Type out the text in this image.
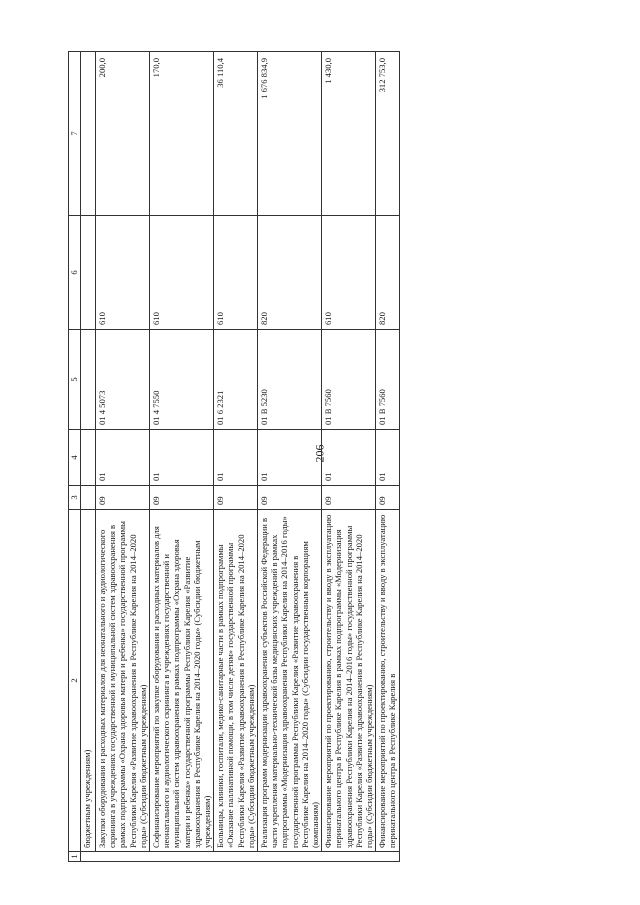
206
1	2	3	4	5	6	7
	бюджетным учреждениям)					
	Закупки оборудования и расходных материалов для неонатального и аудиологического скрининга в учреждениях государственной и муниципальной систем здравоохранения в рамках подпрограммы «Охрана здоровья матери и ребенка» государственной программы Республики Карелия «Развитие здравоохранения в Республике Карелия на 2014–2020 годы» (Субсидии бюджетным учреждениям)	09	01	01 4 5073	610	200,0
	Софинансирование мероприятий по закупке оборудования и расходных материалов для неонатального и аудиологического скрининга в учреждениях государственной и муниципальной систем здравоохранения в рамках подпрограммы «Охрана здоровья матери и ребенка» государственной программы Республики Карелия «Развитие здравоохранения в Республике Карелия на 2014–2020 годы» (Субсидии бюджетным учреждениям)	09	01	01 4 7550	610	170,0
	Больницы, клиники, госпитали, медико-санитарные части в рамках подпрограммы «Оказание паллиативной помощи, в том числе детям» государственной программы Республики Карелия «Развитие здравоохранения в Республике Карелия на 2014–2020 годы» (Субсидии бюджетным учреждениям)	09	01	01 6 2321	610	36 110,4
	Реализация программ модернизации здравоохранения субъектов Российской Федерации в части укрепления материально-технической базы медицинских учреждений в рамках подпрограммы «Модернизация здравоохранения Республики Карелия на 2014–2016 годы» государственной программы Республики Карелия «Развитие здравоохранения в Республике Карелия на 2014–2020 годы» (Субсидии государственным корпорациям (компаниям)	09	01	01 В 5230	820	1 676 834,9
	Финансирование мероприятий по проектированию, строительству и вводу в эксплуатацию перинатального центра в Республике Карелия в рамках подпрограммы «Модернизация здравоохранения Республики Карелия на 2014–2016 годы» государственной программы Республики Карелия «Развитие здравоохранения в Республике Карелия на 2014–2020 годы» (Субсидии бюджетным учреждениям)	09	01	01 В 7560	610	1 430,0
	Финансирование мероприятий по проектированию, строительству и вводу в эксплуатацию перинатального центра в Республике Карелия в	09	01	01 В 7560	820	312 753,0
